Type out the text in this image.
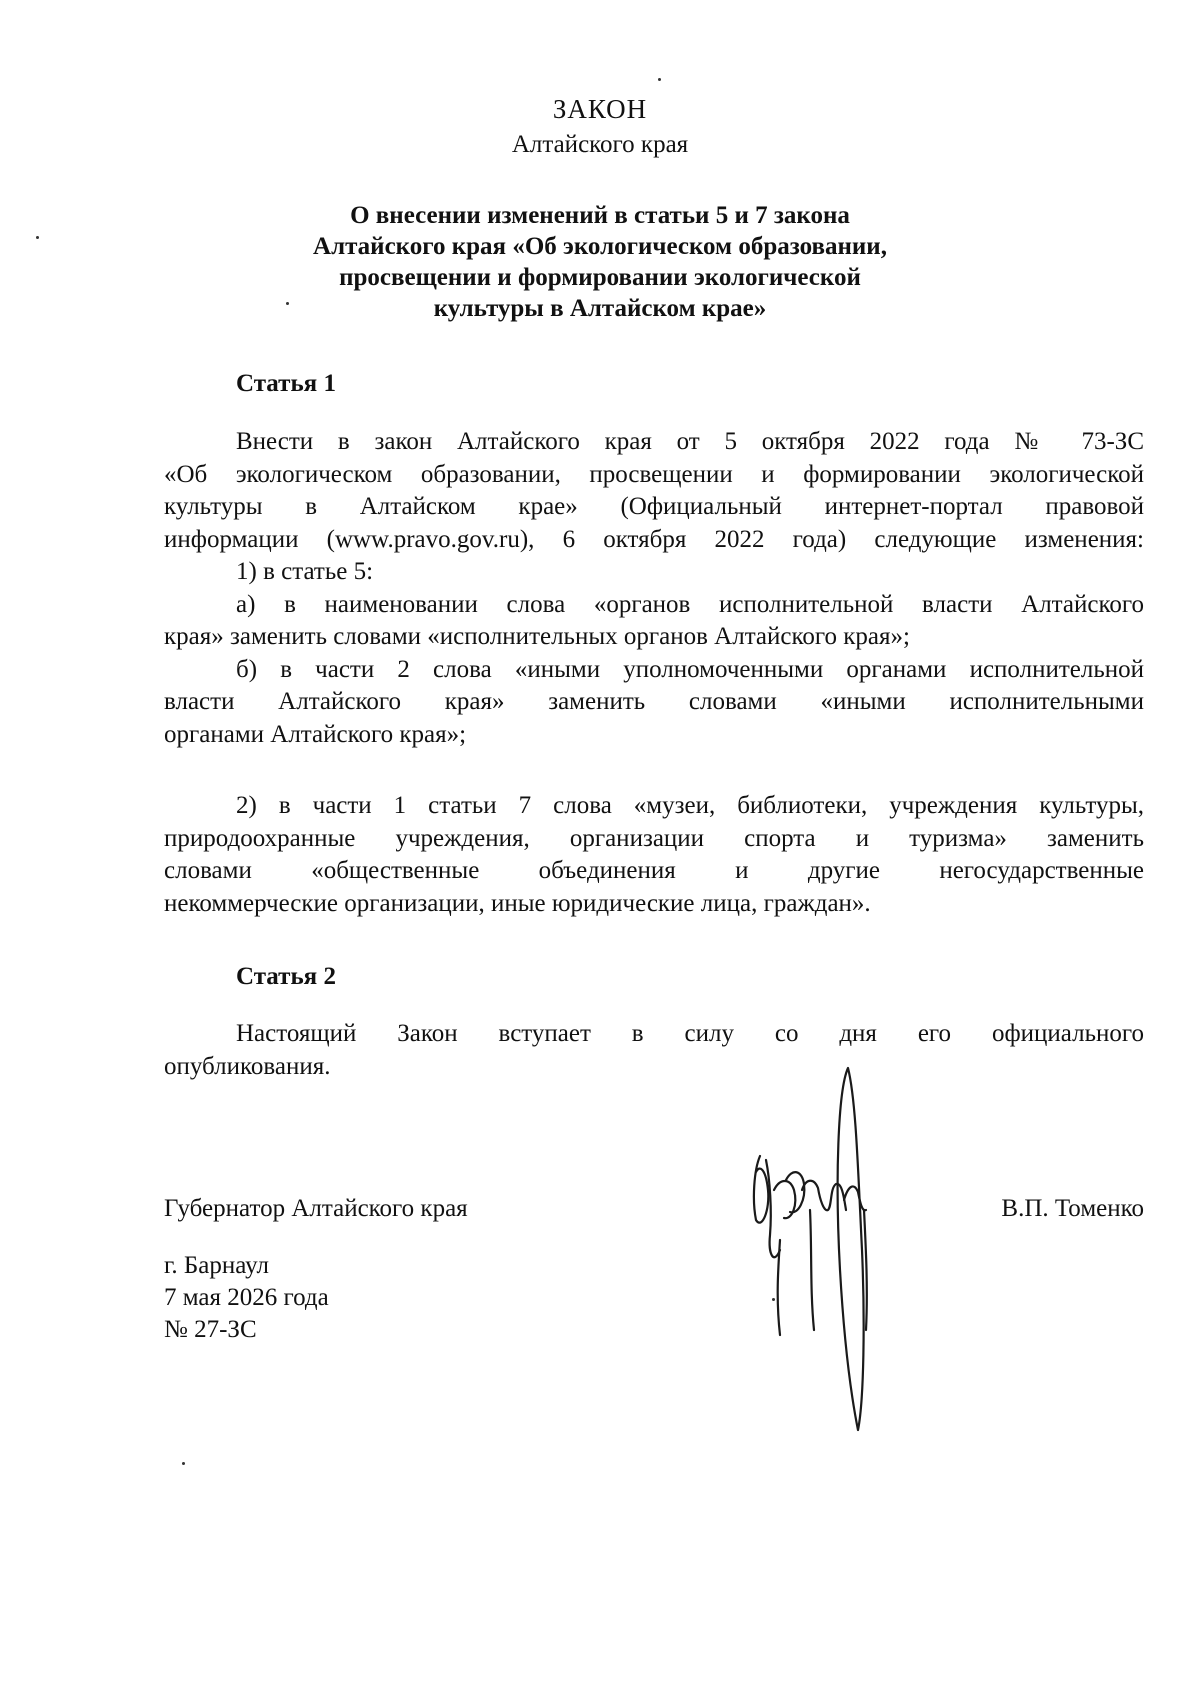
ЗАКОН
Алтайского края
О внесении изменений в статьи 5 и 7 закона
Алтайского края «Об экологическом образовании,
просвещении и формировании экологической
культуры в Алтайском крае»
Статья 1
Внести в закон Алтайского края от 5 октября 2022 года № 73-ЗС
«Об экологическом образовании, просвещении и формировании экологической
культуры в Алтайском крае» (Официальный интернет-портал правовой
информации (www.pravo.gov.ru), 6 октября 2022 года) следующие изменения:
1) в статье 5:
а) в наименовании слова «органов исполнительной власти Алтайского
края» заменить словами «исполнительных органов Алтайского края»;
б) в части 2 слова «иными уполномоченными органами исполнительной
власти Алтайского края» заменить словами «иными исполнительными
органами Алтайского края»;
2) в части 1 статьи 7 слова «музеи, библиотеки, учреждения культуры,
природоохранные учреждения, организации спорта и туризма» заменить
словами «общественные объединения и другие негосударственные
некоммерческие организации, иные юридические лица, граждан».
Статья 2
Настоящий Закон вступает в силу со дня его официального
опубликования.
Губернатор Алтайского края	В.П. Томенко
г. Барнаул
7 мая 2026 года
№ 27-ЗС
